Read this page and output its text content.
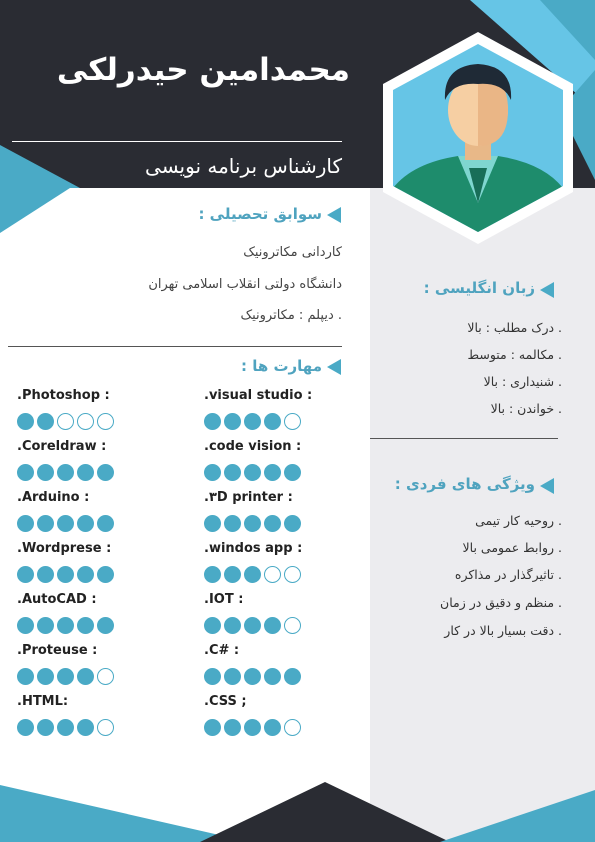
محمدامین حیدرلکی
کارشناس برنامه نویسی
سوابق تحصیلی :
کاردانی مکاترونیک
دانشگاه دولتی انقلاب اسلامی تهران
. دیپلم : مکاترونیک
مهارت ها :
.Photoshop :
.Coreldraw :
.Arduino :
.Wordprese :
.AutoCAD :
.Proteuse :
.HTML:
.visual studio :
.code vision :
.۳D printer :
.windos app :
.IOT :
.C# :
.CSS ;
زبان انگلیسی :
. درک مطلب : بالا
. مکالمه : متوسط
. شنیداری : بالا
. خواندن : بالا
ویژگی های فردی :
. روحیه کار تیمی
. روابط عمومی بالا
. تاثیرگذار در مذاکره
. منظم و دقیق در زمان
. دقت بسیار بالا در کار
